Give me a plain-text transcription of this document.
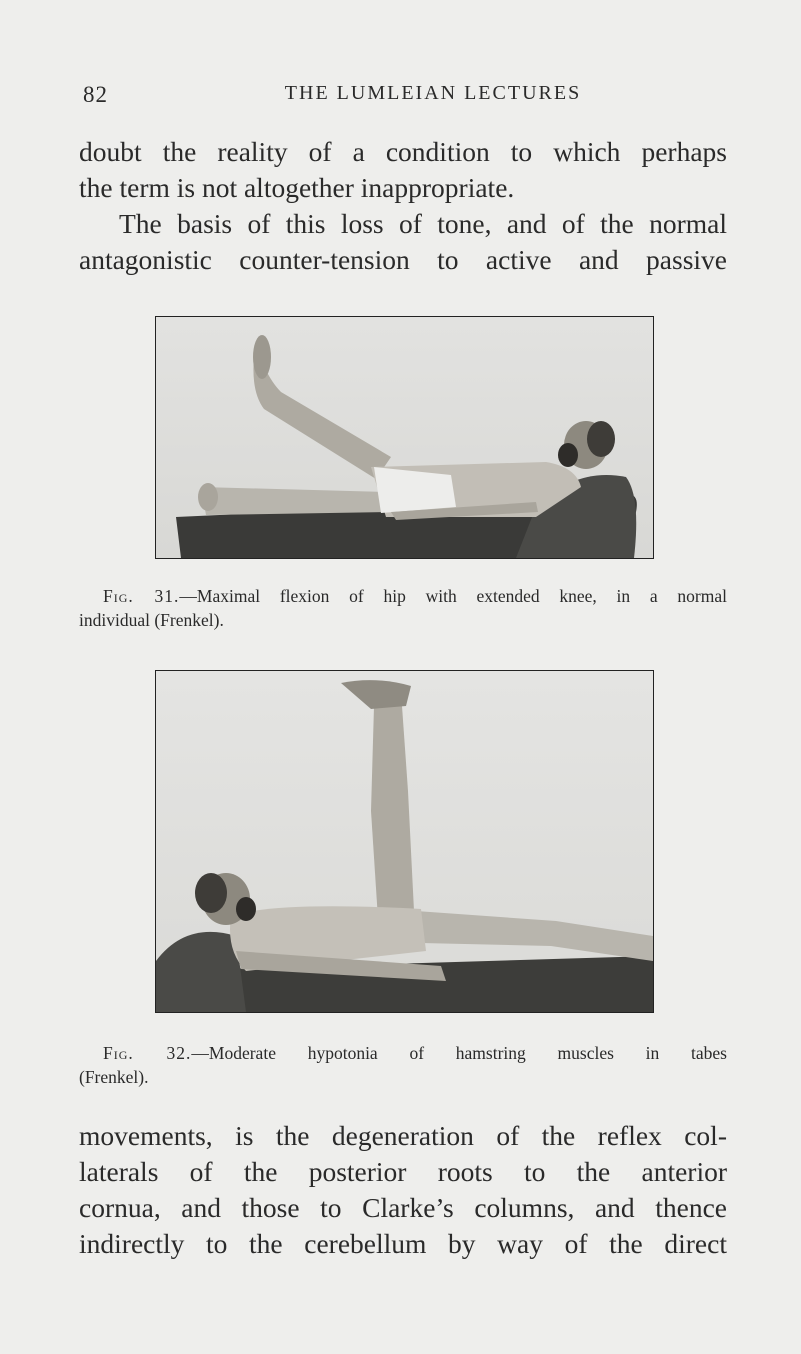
82	THE LUMLEIAN LECTURES
doubt the reality of a condition to which perhaps
the term is not altogether inappropriate.
The basis of this loss of tone, and of the normal
antagonistic counter-tension to active and passive
Fig. 31.—Maximal flexion of hip with extended knee, in a normal
individual (Frenkel).
Fig. 32.—Moderate hypotonia of hamstring muscles in tabes
(Frenkel).
movements, is the degeneration of the reflex col-
laterals of the posterior roots to the anterior
cornua, and those to Clarke’s columns, and thence
indirectly to the cerebellum by way of the direct
